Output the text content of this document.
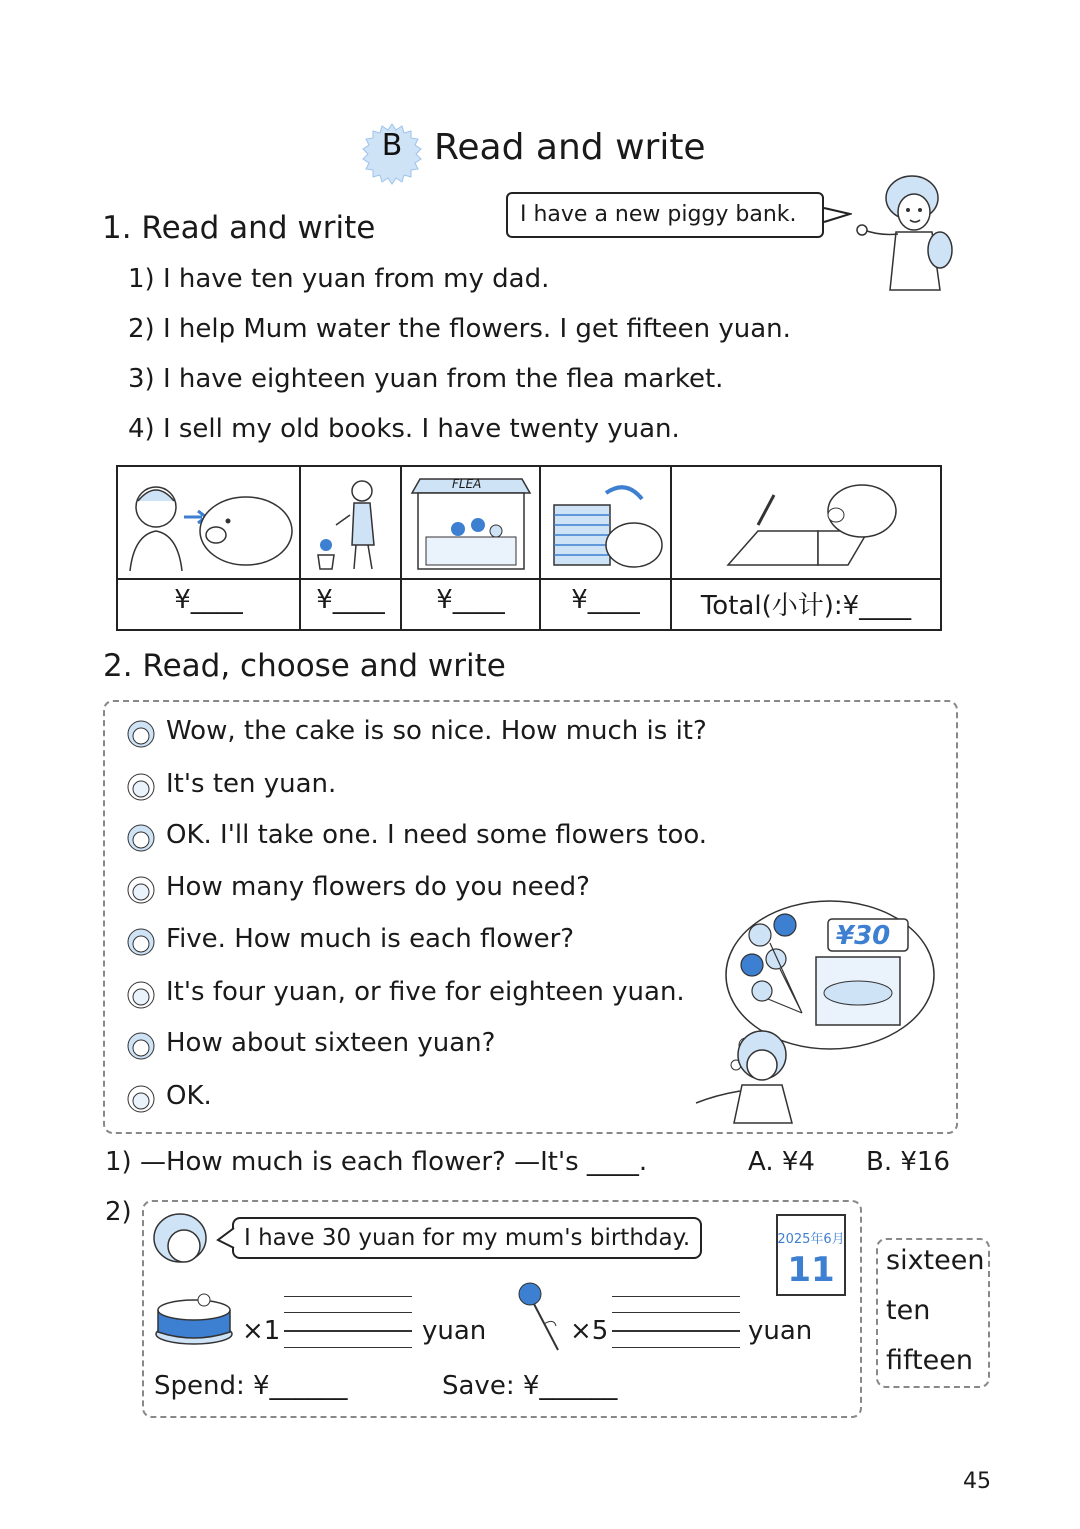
B Read and write
1. Read and write	I have a new piggy bank.
1) I have ten yuan from my dad.
2) I help Mum water the flowers. I get fifteen yuan.
3) I have eighteen yuan from the flea market.
4) I sell my old books. I have twenty yuan.
FLEA
¥____	¥____	¥____	¥____	Total(小计):¥____
2. Read, choose and write
Wow, the cake is so nice. How much is it?
It's ten yuan.
OK. I'll take one. I need some flowers too.
How many flowers do you need?
Five. How much is each flower?
It's four yuan, or five for eighteen yuan.
How about sixteen yuan?
OK.
¥30
1) —How much is each flower? —It's ____.	A. ¥4 B. ¥16
2)
I have 30 yuan for my mum's birthday.	2025年6月
11
×1	yuan	×5	yuan
Spend: ¥______	Save: ¥______
sixteen
ten
fifteen
45
